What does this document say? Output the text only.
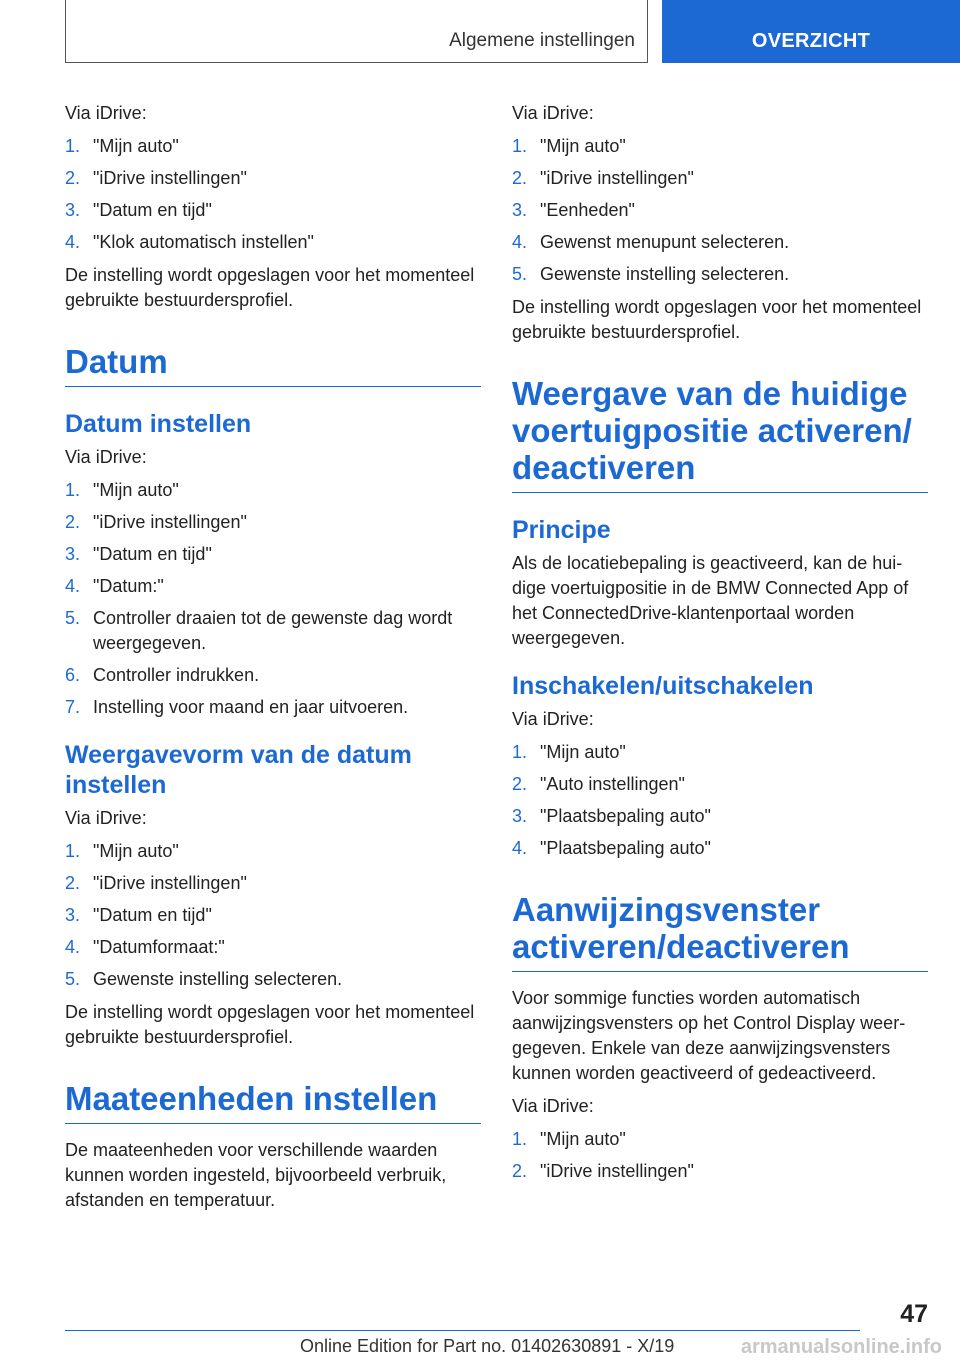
Algemene instellingen	OVERZICHT

Via iDrive:

1. "Mijn auto"
2. "iDrive instellingen"
3. "Datum en tijd"
4. "Klok automatisch instellen"

De instelling wordt opgeslagen voor het momenteel gebruikte bestuurdersprofiel.

Datum
Datum instellen

Via iDrive:

1. "Mijn auto"
2. "iDrive instellingen"
3. "Datum en tijd"
4. "Datum:"
5. Controller draaien tot de gewenste dag wordt weergegeven.
6. Controller indrukken.
7. Instelling voor maand en jaar uitvoeren.
Weergavevorm van de datum instellen

Via iDrive:

1. "Mijn auto"
2. "iDrive instellingen"
3. "Datum en tijd"
4. "Datumformaat:"
5. Gewenste instelling selecteren.

De instelling wordt opgeslagen voor het momenteel gebruikte bestuurdersprofiel.

Maateenheden instellen

De maateenheden voor verschillende waarden kunnen worden ingesteld, bijvoorbeeld verbruik, afstanden en temperatuur.

Via iDrive:

1. "Mijn auto"
2. "iDrive instellingen"
3. "Eenheden"
4. Gewenst menupunt selecteren.
5. Gewenste instelling selecteren.

De instelling wordt opgeslagen voor het momenteel gebruikte bestuurdersprofiel.

Weergave van de huidige voertuigpositie activeren/ deactiveren
Principe

Als de locatiebepaling is geactiveerd, kan de huidige voertuigpositie in de BMW Connected App of het ConnectedDrive-klantenportaal worden weergegeven.

Inschakelen/uitschakelen

Via iDrive:

1. "Mijn auto"
2. "Auto instellingen"
3. "Plaatsbepaling auto"
4. "Plaatsbepaling auto"
Aanwijzingsvenster activeren/deactiveren

Voor sommige functies worden automatisch aanwijzingsvensters op het Control Display weergegeven. Enkele van deze aanwijzingsvensters kunnen worden geactiveerd of gedeactiveerd.

Via iDrive:

1. "Mijn auto"
2. "iDrive instellingen"
47
Online Edition for Part no. 01402630891 - X/19	armanualsonline.info
